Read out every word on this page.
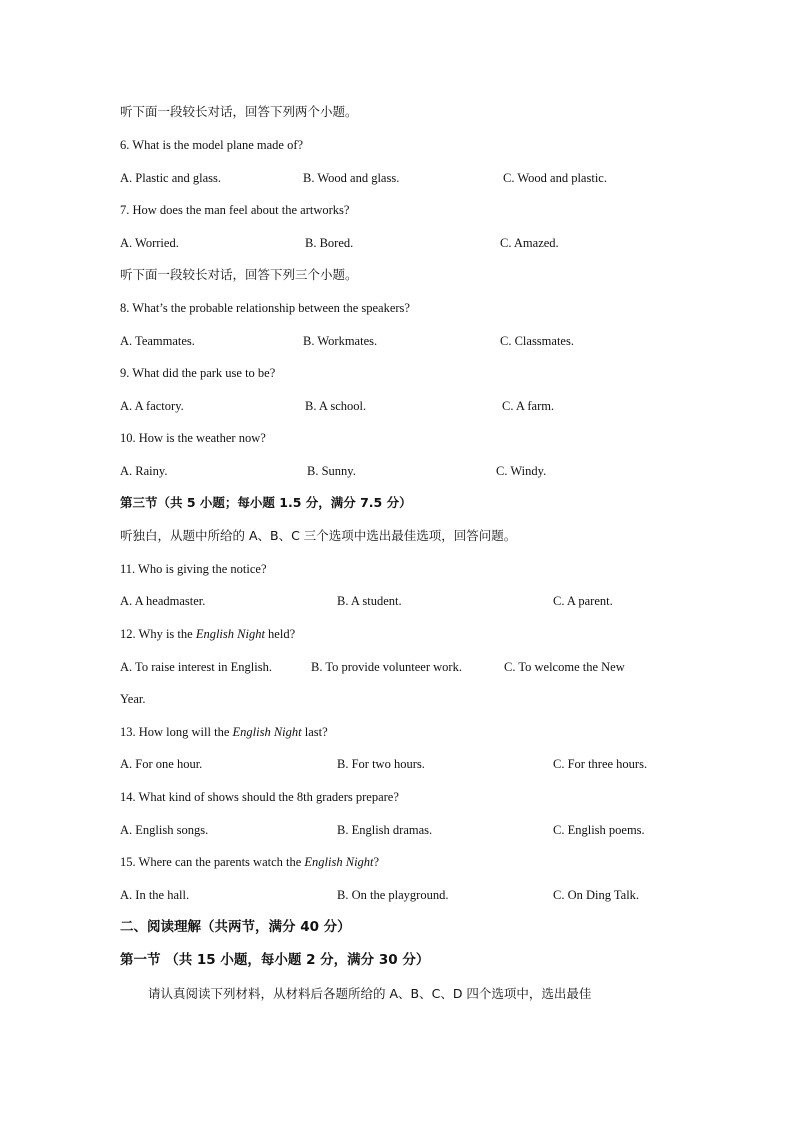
听下面一段较长对话，回答下列两个小题。
6. What is the model plane made of?
A. Plastic and glass.	B. Wood and glass.	C. Wood and plastic.
7. How does the man feel about the artworks?
A. Worried.	B. Bored.	C. Amazed.
听下面一段较长对话，回答下列三个小题。
8. What’s the probable relationship between the speakers?
A. Teammates.	B. Workmates.	C. Classmates.
9. What did the park use to be?
A. A factory.	B. A school.	C. A farm.
10. How is the weather now?
A. Rainy.	B. Sunny.	C. Windy.
第三节（共 5 小题；每小题 1.5 分，满分 7.5 分）
听独白，从题中所给的 A、B、C 三个选项中选出最佳选项，回答问题。
11. Who is giving the notice?
A. A headmaster.	B. A student.	C. A parent.
12. Why is the English Night held?
A. To raise interest in English.	B. To provide volunteer work.	C. To welcome the New
Year.
13. How long will the English Night last?
A. For one hour.	B. For two hours.	C. For three hours.
14. What kind of shows should the 8th graders prepare?
A. English songs.	B. English dramas.	C. English poems.
15. Where can the parents watch the English Night?
A. In the hall.	B. On the playground.	C. On Ding Talk.
二、阅读理解（共两节，满分 40 分）
第一节 （共 15 小题，每小题 2 分，满分 30 分）
请认真阅读下列材料，从材料后各题所给的 A、B、C、D 四个选项中，选出最佳
